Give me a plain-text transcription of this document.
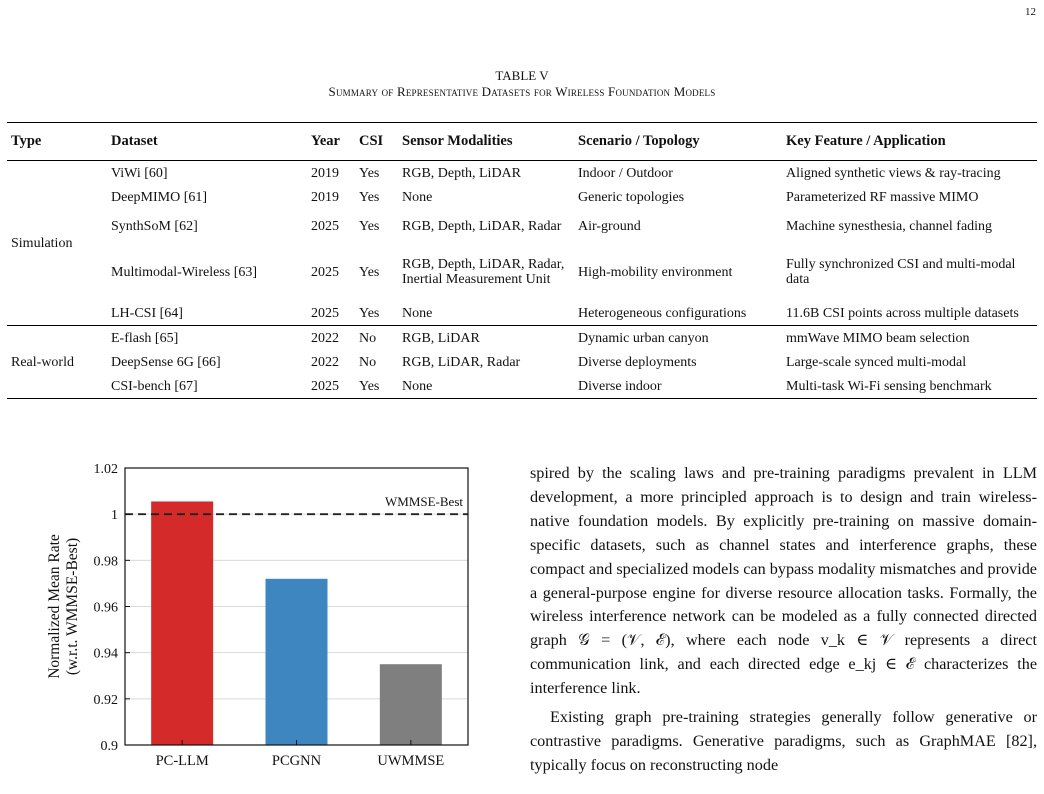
12
TABLE V
Summary of Representative Datasets for Wireless Foundation Models
Type	Dataset	Year	CSI	Sensor Modalities	Scenario / Topology	Key Feature / Application
Simulation	ViWi [60]	2019	Yes	RGB, Depth, LiDAR	Indoor / Outdoor	Aligned synthetic views & ray-tracing
	DeepMIMO [61]	2019	Yes	None	Generic topologies	Parameterized RF massive MIMO
	SynthSoM [62]	2025	Yes	RGB, Depth, LiDAR, Radar	Air-ground	Machine synesthesia, channel fading
	Multimodal-Wireless [63]	2025	Yes	RGB, Depth, LiDAR, Radar, Inertial Measurement Unit	High-mobility environment	Fully synchronized CSI and multi-modal data
	LH-CSI [64]	2025	Yes	None	Heterogeneous configurations	11.6B CSI points across multiple datasets
Real-world	E-flash [65]	2022	No	RGB, LiDAR	Dynamic urban canyon	mmWave MIMO beam selection
	DeepSense 6G [66]	2022	No	RGB, LiDAR, Radar	Diverse deployments	Large-scale synced multi-modal
	CSI-bench [67]	2025	Yes	None	Diverse indoor	Multi-task Wi-Fi sensing benchmark
WMMSE-Best
0.9
0.92
0.94
0.96
0.98
1
1.02
PC-LLM	PCGNN	UWMMSE
Normalized Mean Rate (w.r.t. WMMSE-Best)

spired by the scaling laws and pre-training paradigms prevalent in LLM development, a more principled approach is to design and train wireless-native foundation models. By explicitly pre-training on massive domain-specific datasets, such as channel states and interference graphs, these compact and specialized models can bypass modality mismatches and provide a general-purpose engine for diverse resource allocation tasks. Formally, the wireless interference network can be modeled as a fully connected directed graph 𝒢 = (𝒱, ℰ), where each node v_k ∈ 𝒱 represents a direct communication link, and each directed edge e_kj ∈ ℰ characterizes the interference link.

Existing graph pre-training strategies generally follow generative or contrastive paradigms. Generative paradigms, such as GraphMAE [82], typically focus on reconstructing node
